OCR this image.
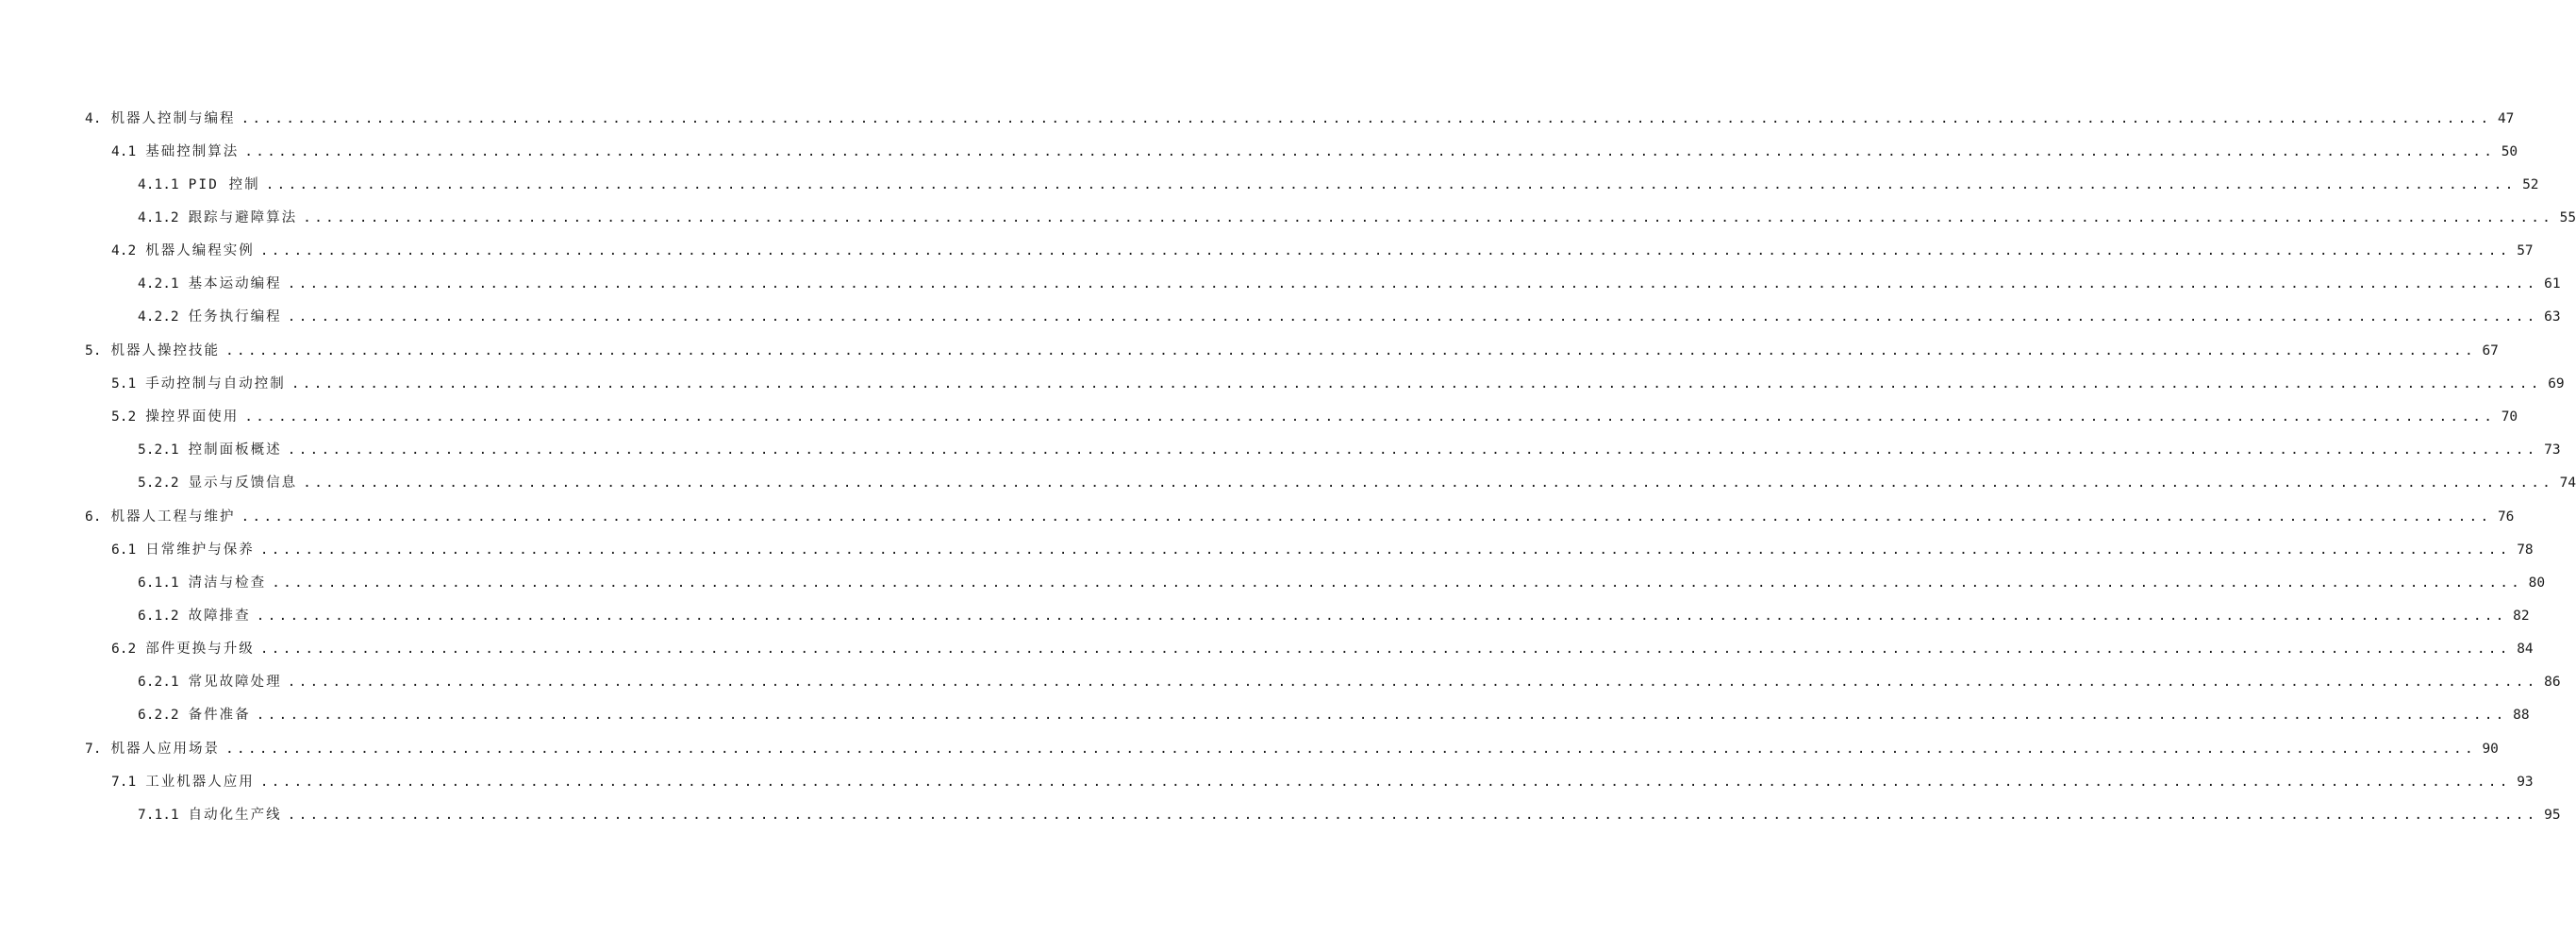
4. 机器人控制与编程 ........................................................................................................................................................................................................ 47
4.1 基础控制算法 ........................................................................................................................................................................................................ 50
4.1.1 PID 控制 ........................................................................................................................................................................................................ 52
4.1.2 跟踪与避障算法 ........................................................................................................................................................................................................ 55
4.2 机器人编程实例 ........................................................................................................................................................................................................ 57
4.2.1 基本运动编程 ........................................................................................................................................................................................................ 61
4.2.2 任务执行编程 ........................................................................................................................................................................................................ 63
5. 机器人操控技能 ........................................................................................................................................................................................................ 67
5.1 手动控制与自动控制 ........................................................................................................................................................................................................ 69
5.2 操控界面使用 ........................................................................................................................................................................................................ 70
5.2.1 控制面板概述 ........................................................................................................................................................................................................ 73
5.2.2 显示与反馈信息 ........................................................................................................................................................................................................ 74
6. 机器人工程与维护 ........................................................................................................................................................................................................ 76
6.1 日常维护与保养 ........................................................................................................................................................................................................ 78
6.1.1 清洁与检查 ........................................................................................................................................................................................................ 80
6.1.2 故障排查 ........................................................................................................................................................................................................ 82
6.2 部件更换与升级 ........................................................................................................................................................................................................ 84
6.2.1 常见故障处理 ........................................................................................................................................................................................................ 86
6.2.2 备件准备 ........................................................................................................................................................................................................ 88
7. 机器人应用场景 ........................................................................................................................................................................................................ 90
7.1 工业机器人应用 ........................................................................................................................................................................................................ 93
7.1.1 自动化生产线 ........................................................................................................................................................................................................ 95
